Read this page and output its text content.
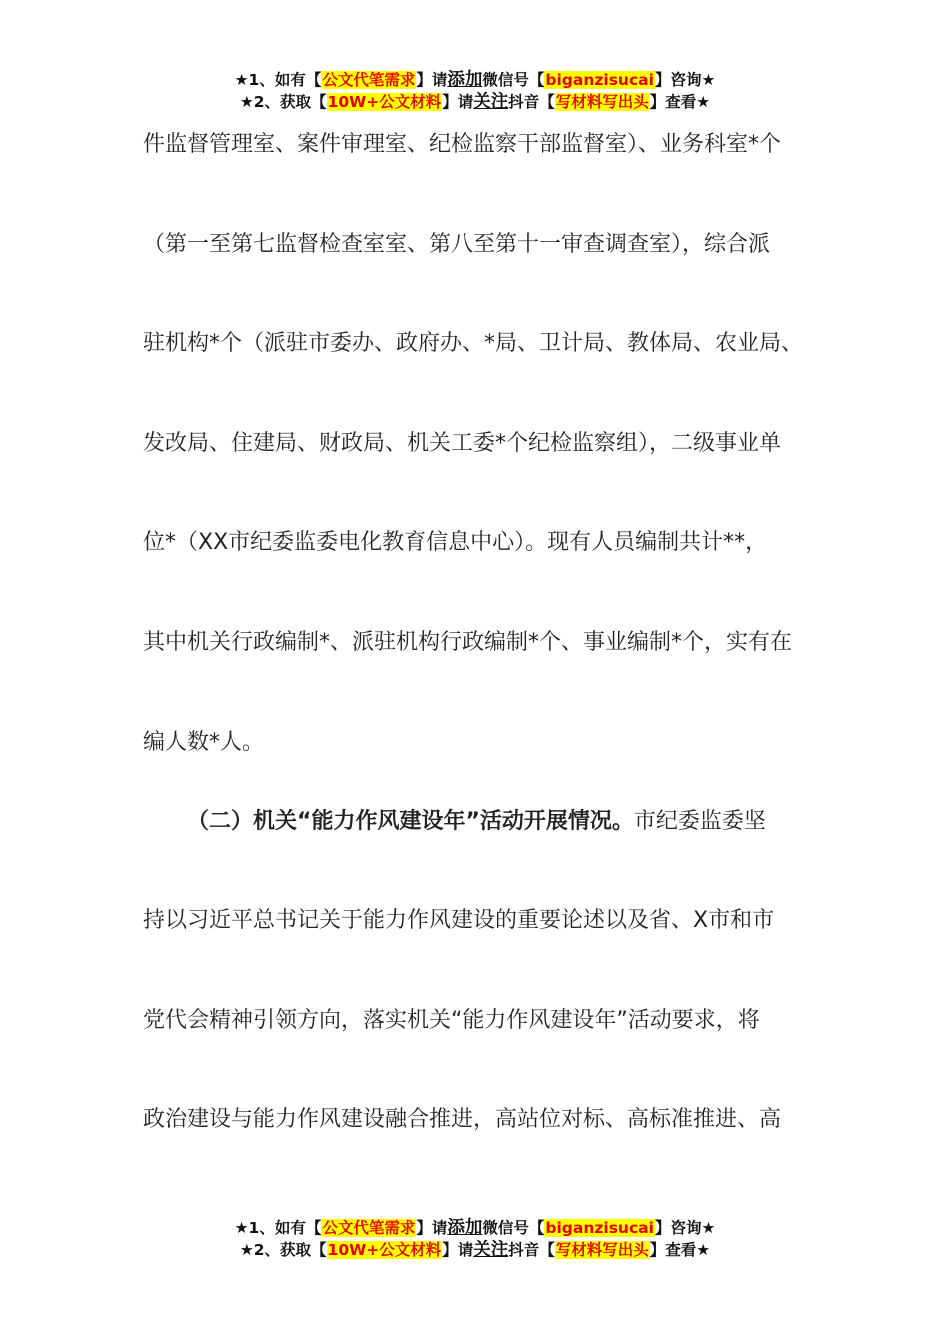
★1、如有【公文代笔需求】请添加微信号【biganzisucai】咨询★
★2、获取【10W+公文材料】请关注抖音【写材料写出头】查看★
件监督管理室、案件审理室、纪检监察干部监督室）、业务科室*个
（第一至第七监督检查室室、第八至第十一审查调查室），综合派
驻机构*个（派驻市委办、政府办、*局、卫计局、教体局、农业局、
发改局、住建局、财政局、机关工委*个纪检监察组），二级事业单
位*（XX市纪委监委电化教育信息中心）。现有人员编制共计**，
其中机关行政编制*、派驻机构行政编制*个、事业编制*个，实有在
编人数*人。
（二）机关“能力作风建设年”活动开展情况。市纪委监委坚
持以习近平总书记关于能力作风建设的重要论述以及省、X市和市
党代会精神引领方向，落实机关“能力作风建设年”活动要求，将
政治建设与能力作风建设融合推进，高站位对标、高标准推进、高
★1、如有【公文代笔需求】请添加微信号【biganzisucai】咨询★
★2、获取【10W+公文材料】请关注抖音【写材料写出头】查看★
